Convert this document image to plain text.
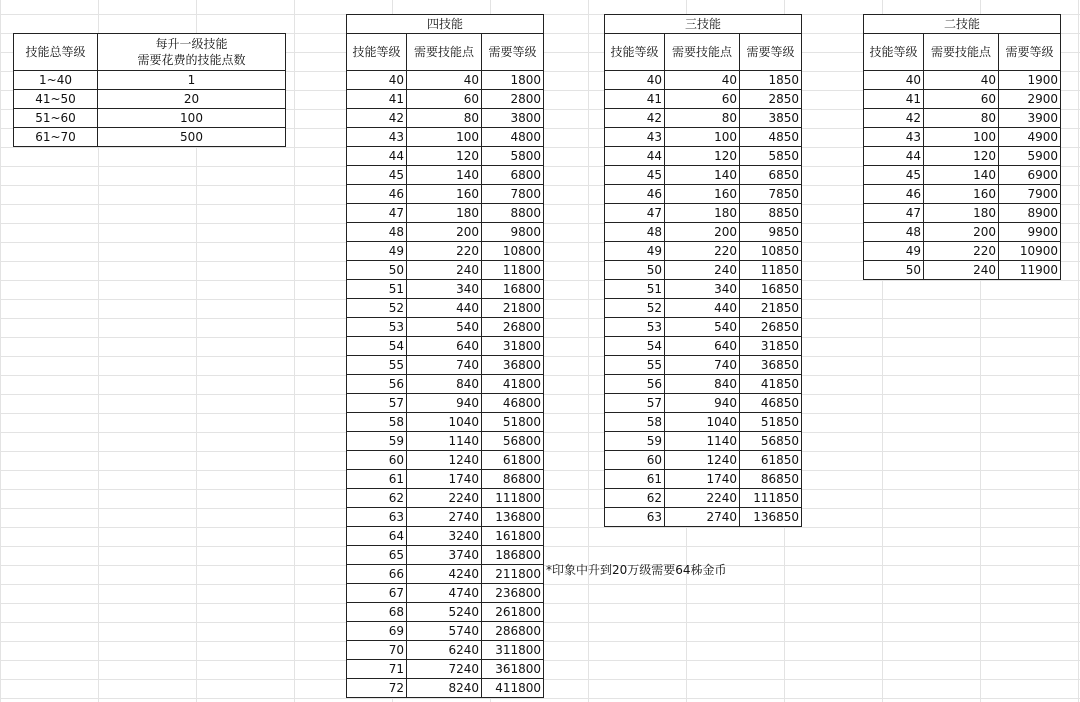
技能总等级	每升一级技能
需要花费的技能点数

1~40	1
41~50	20
51~60	100
61~70	500
四技能		
技能等级	需要技能点	需要等级
40	40	1800
41	60	2800
42	80	3800
43	100	4800
44	120	5800
45	140	6800
46	160	7800
47	180	8800
48	200	9800
49	220	10800
50	240	11800
51	340	16800
52	440	21800
53	540	26800
54	640	31800
55	740	36800
56	840	41800
57	940	46800
58	1040	51800
59	1140	56800
60	1240	61800
61	1740	86800
62	2240	111800
63	2740	136800
64	3240	161800
65	3740	186800
66	4240	211800
67	4740	236800
68	5240	261800
69	5740	286800
70	6240	311800
71	7240	361800
72	8240	411800
三技能		
技能等级	需要技能点	需要等级
40	40	1850
41	60	2850
42	80	3850
43	100	4850
44	120	5850
45	140	6850
46	160	7850
47	180	8850
48	200	9850
49	220	10850
50	240	11850
51	340	16850
52	440	21850
53	540	26850
54	640	31850
55	740	36850
56	840	41850
57	940	46850
58	1040	51850
59	1140	56850
60	1240	61850
61	1740	86850
62	2240	111850
63	2740	136850
二技能		
技能等级	需要技能点	需要等级
40	40	1900
41	60	2900
42	80	3900
43	100	4900
44	120	5900
45	140	6900
46	160	7900
47	180	8900
48	200	9900
49	220	10900
50	240	11900
*印象中升到20万级需要64秭金币
